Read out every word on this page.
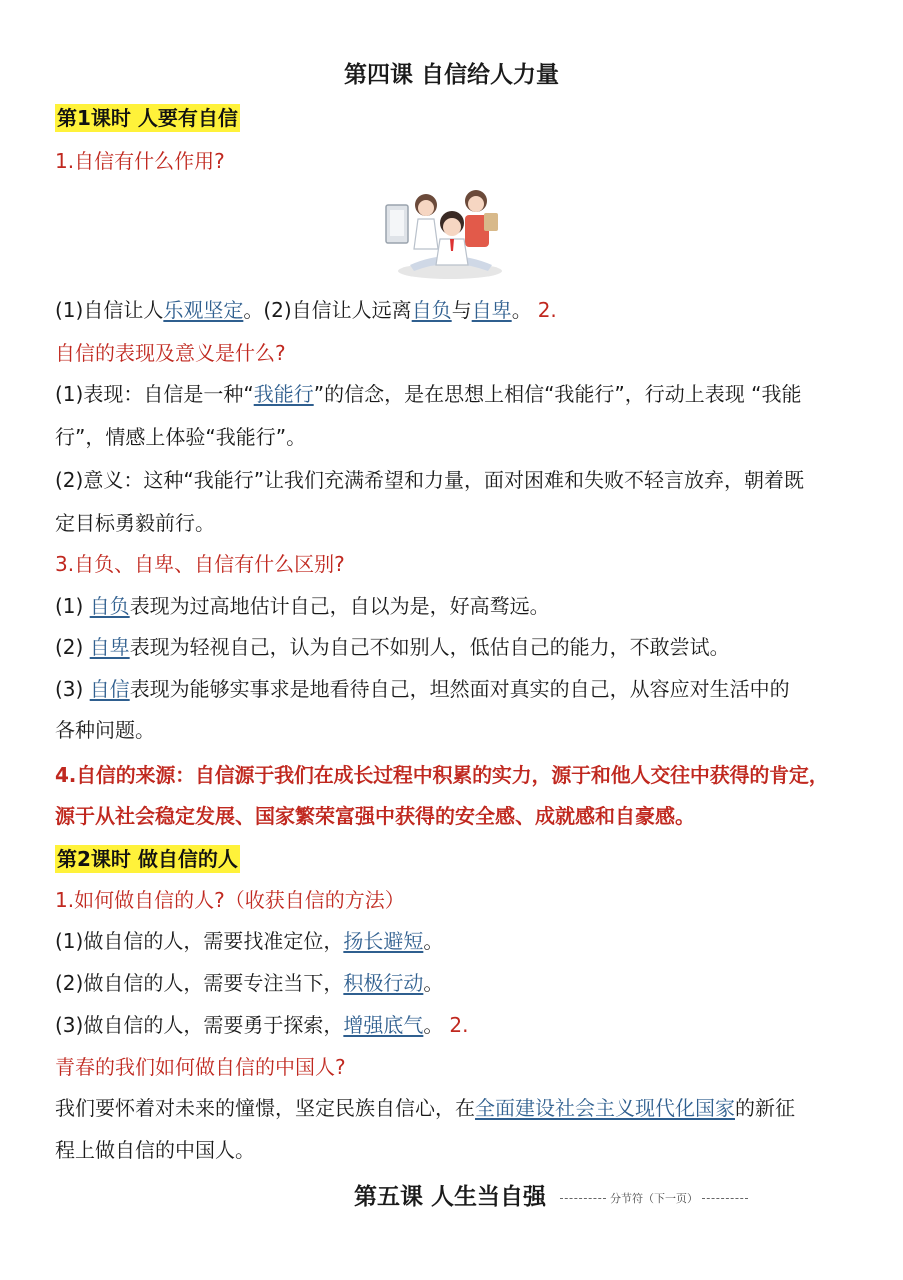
第四课 自信给人力量
第1课时 人要有自信
1.自信有什么作用?
(1)自信让人乐观坚定。(2)自信让人远离自负与自卑。 2.
自信的表现及意义是什么?
(1)表现：自信是一种“我能行”的信念，是在思想上相信“我能行”，行动上表现 “我能
行”，情感上体验“我能行”。
(2)意义：这种“我能行”让我们充满希望和力量，面对困难和失败不轻言放弃，朝着既
定目标勇毅前行。
3.自负、自卑、自信有什么区别?
(1) 自负表现为过高地估计自己，自以为是，好高骛远。
(2) 自卑表现为轻视自己，认为自己不如别人，低估自己的能力，不敢尝试。
(3) 自信表现为能够实事求是地看待自己，坦然面对真实的自己，从容应对生活中的
各种问题。
4.自信的来源：自信源于我们在成长过程中积累的实力，源于和他人交往中获得的肯定，
源于从社会稳定发展、国家繁荣富强中获得的安全感、成就感和自豪感。
第2课时 做自信的人
1.如何做自信的人?（收获自信的方法）
(1)做自信的人，需要找准定位，扬长避短。
(2)做自信的人，需要专注当下，积极行动。
(3)做自信的人，需要勇于探索，增强底气。 2.
青春的我们如何做自信的中国人?
我们要怀着对未来的憧憬，坚定民族自信心，在全面建设社会主义现代化国家的新征
程上做自信的中国人。
第五课 人生当自强	分节符（下一页）
